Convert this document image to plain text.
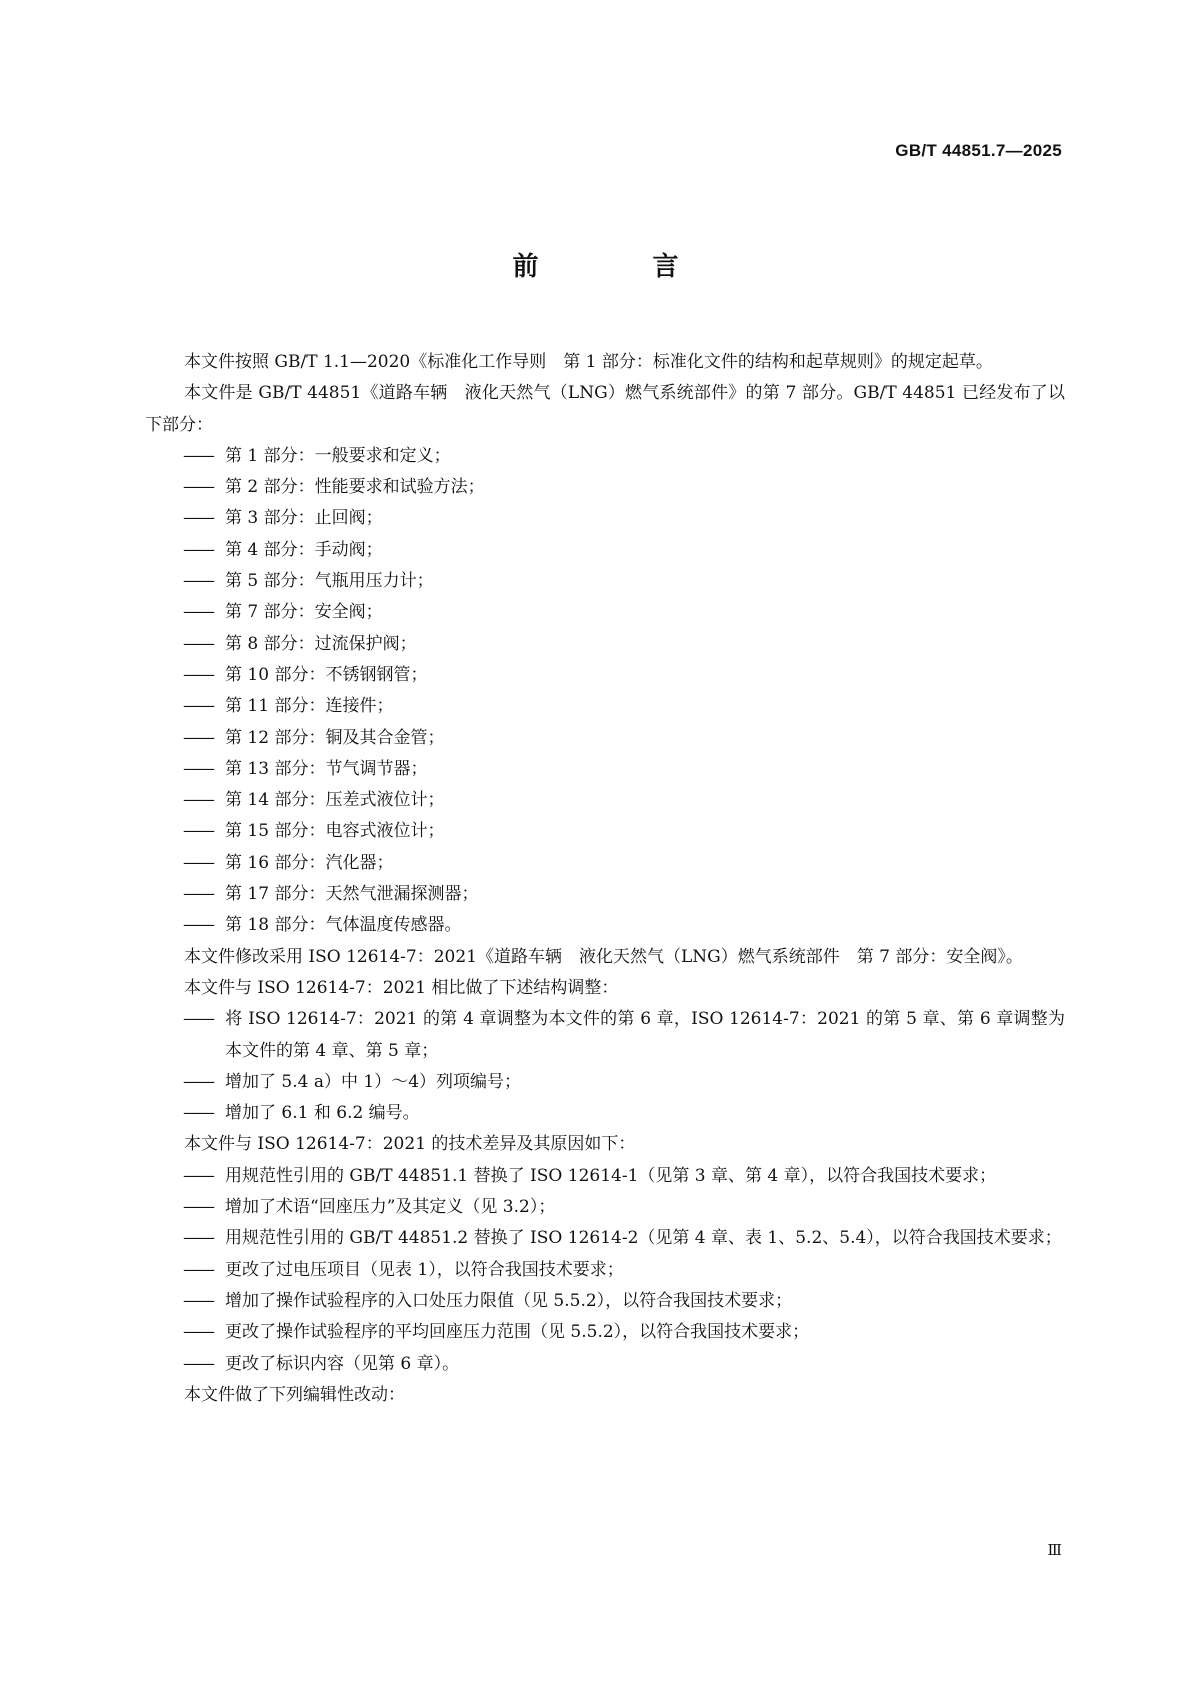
GB/T 44851.7—2025
前　言

本文件按照 GB/T 1.1—2020《标准化工作导则　第 1 部分：标准化文件的结构和起草规则》的规定起草。

本文件是 GB/T 44851《道路车辆　液化天然气（LNG）燃气系统部件》的第 7 部分。GB/T 44851 已经发布了以下部分：

—— 第 1 部分：一般要求和定义；

—— 第 2 部分：性能要求和试验方法；

—— 第 3 部分：止回阀；

—— 第 4 部分：手动阀；

—— 第 5 部分：气瓶用压力计；

—— 第 7 部分：安全阀；

—— 第 8 部分：过流保护阀；

—— 第 10 部分：不锈钢钢管；

—— 第 11 部分：连接件；

—— 第 12 部分：铜及其合金管；

—— 第 13 部分：节气调节器；

—— 第 14 部分：压差式液位计；

—— 第 15 部分：电容式液位计；

—— 第 16 部分：汽化器；

—— 第 17 部分：天然气泄漏探测器；

—— 第 18 部分：气体温度传感器。

本文件修改采用 ISO 12614-7：2021《道路车辆　液化天然气（LNG）燃气系统部件　第 7 部分：安全阀》。

本文件与 ISO 12614-7：2021 相比做了下述结构调整：

—— 将 ISO 12614-7：2021 的第 4 章调整为本文件的第 6 章，ISO 12614-7：2021 的第 5 章、第 6 章调整为本文件的第 4 章、第 5 章；

—— 增加了 5.4 a）中 1）～4）列项编号；

—— 增加了 6.1 和 6.2 编号。

本文件与 ISO 12614-7：2021 的技术差异及其原因如下：

—— 用规范性引用的 GB/T 44851.1 替换了 ISO 12614-1（见第 3 章、第 4 章），以符合我国技术要求；

—— 增加了术语“回座压力”及其定义（见 3.2）；

—— 用规范性引用的 GB/T 44851.2 替换了 ISO 12614-2（见第 4 章、表 1、5.2、5.4），以符合我国技术要求；

—— 更改了过电压项目（见表 1），以符合我国技术要求；

—— 增加了操作试验程序的入口处压力限值（见 5.5.2），以符合我国技术要求；

—— 更改了操作试验程序的平均回座压力范围（见 5.5.2），以符合我国技术要求；

—— 更改了标识内容（见第 6 章）。

本文件做了下列编辑性改动：

Ⅲ
